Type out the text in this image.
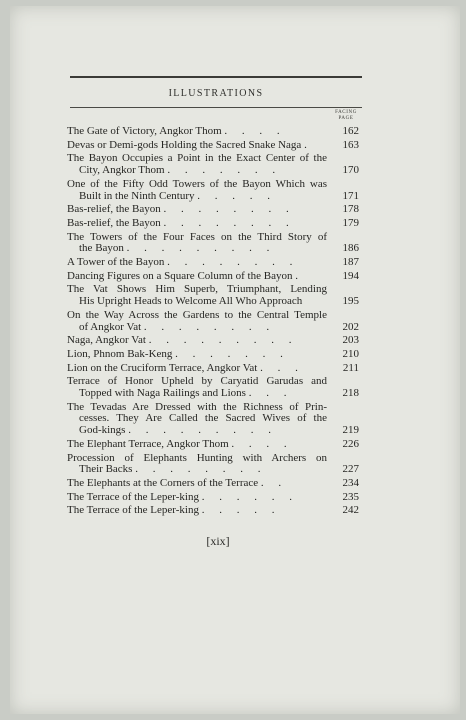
ILLUSTRATIONS
FACING
PAGE
The Gate of Victory, Angkor Thom . . . .	162
Devas or Demi-gods Holding the Sacred Snake Naga .	163
The Bayon Occupies a Point in the Exact Center of the
City, Angkor Thom . . . . . . .	170
One of the Fifty Odd Towers of the Bayon Which was
Built in the Ninth Century . . . . .	171
Bas-relief, the Bayon . . . . . . . .	178
Bas-relief, the Bayon . . . . . . . .	179
The Towers of the Four Faces on the Third Story of
the Bayon . . . . . . . . .	186
A Tower of the Bayon . . . . . . . .	187
Dancing Figures on a Square Column of the Bayon .	194
The Vat Shows Him Superb, Triumphant, Lending
His Upright Heads to Welcome All Who Approach	195
On the Way Across the Gardens to the Central Temple
of Angkor Vat . . . . . . . .	202
Naga, Angkor Vat . . . . . . . . .	203
Lion, Phnom Bak-Keng . . . . . . .	210
Lion on the Cruciform Terrace, Angkor Vat . . .	211
Terrace of Honor Upheld by Caryatid Garudas and
Topped with Naga Railings and Lions . . .	218
The Tevadas Are Dressed with the Richness of Prin-
cesses. They Are Called the Sacred Wives of the
God-kings . . . . . . . . .	219
The Elephant Terrace, Angkor Thom . . . .	226
Procession of Elephants Hunting with Archers on
Their Backs . . . . . . . .	227
The Elephants at the Corners of the Terrace . .	234
The Terrace of the Leper-king . . . . . .	235
The Terrace of the Leper-king . . . . .	242
[xix]
